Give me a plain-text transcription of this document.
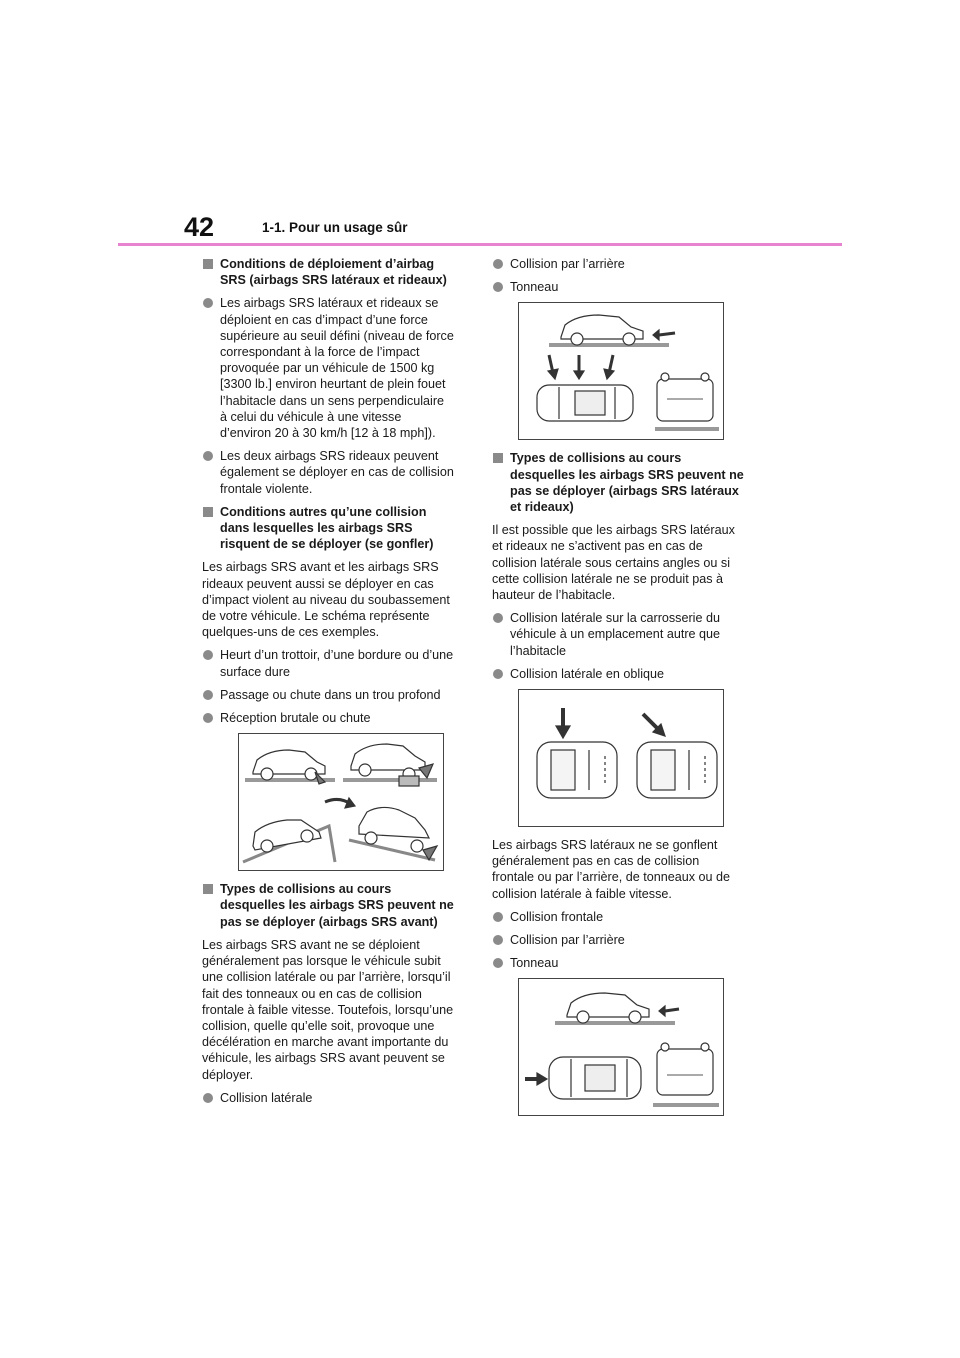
42	1-1. Pour un usage sûr
Conditions de déploiement d’airbag SRS (airbags SRS latéraux et rideaux)
Les airbags SRS latéraux et rideaux se déploient en cas d’impact d’une force supérieure au seuil défini (niveau de force correspondant à la force de l’impact provoquée par un véhicule de 1500 kg [3300 lb.] environ heurtant de plein fouet l’habitacle dans un sens perpendiculaire à celui du véhicule à une vitesse d’environ 20 à 30 km/h [12 à 18 mph]).
Les deux airbags SRS rideaux peuvent également se déployer en cas de collision frontale violente.
Conditions autres qu’une collision dans lesquelles les airbags SRS risquent de se déployer (se gonfler)
Les airbags SRS avant et les airbags SRS rideaux peuvent aussi se déployer en cas d’impact violent au niveau du soubassement de votre véhicule. Le schéma représente quelques-uns de ces exemples.
Heurt d’un trottoir, d’une bordure ou d’une surface dure
Passage ou chute dans un trou profond
Réception brutale ou chute
Types de collisions au cours desquelles les airbags SRS peuvent ne pas se déployer (airbags SRS avant)
Les airbags SRS avant ne se déploient généralement pas lorsque le véhicule subit une collision latérale ou par l’arrière, lorsqu’il fait des tonneaux ou en cas de collision frontale à faible vitesse. Toutefois, lorsqu’une collision, quelle qu’elle soit, provoque une décélération en marche avant importante du véhicule, les airbags SRS avant peuvent se déployer.
Collision latérale
Collision par l’arrière
Tonneau
Types de collisions au cours desquelles les airbags SRS peuvent ne pas se déployer (airbags SRS latéraux et rideaux)
Il est possible que les airbags SRS latéraux et rideaux ne s’activent pas en cas de collision latérale sous certains angles ou si cette collision latérale ne se produit pas à hauteur de l’habitacle.
Collision latérale sur la carrosserie du véhicule à un emplacement autre que l’habitacle
Collision latérale en oblique
Les airbags SRS latéraux ne se gonflent généralement pas en cas de collision frontale ou par l’arrière, de tonneaux ou de collision latérale à faible vitesse.
Collision frontale
Collision par l’arrière
Tonneau
